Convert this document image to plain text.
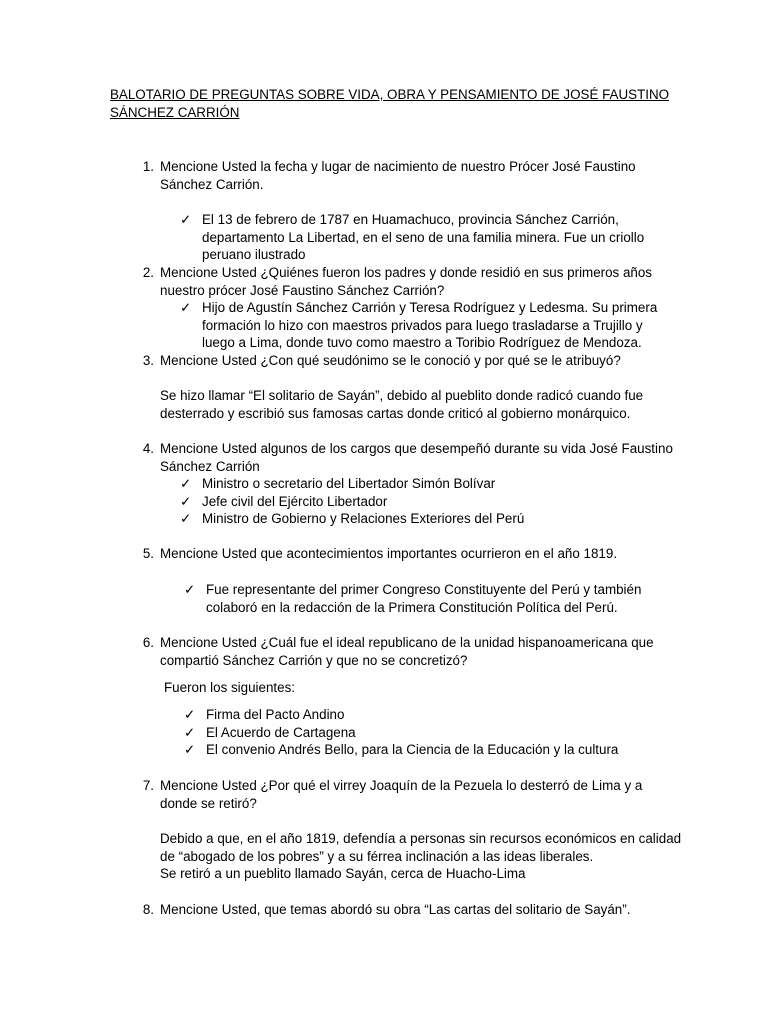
BALOTARIO DE PREGUNTAS SOBRE VIDA, OBRA Y PENSAMIENTO DE JOSÉ FAUSTINO SÁNCHEZ CARRIÓN
1. Mencione Usted la fecha y lugar de nacimiento de nuestro Prócer José Faustino
Sánchez Carrión.
✓ El 13 de febrero de 1787 en Huamachuco, provincia Sánchez Carrión,
departamento La Libertad, en el seno de una familia minera. Fue un criollo
peruano ilustrado
2. Mencione Usted ¿Quiénes fueron los padres y donde residió en sus primeros años
nuestro prócer José Faustino Sánchez Carrión?
✓ Hijo de Agustín Sánchez Carrión y Teresa Rodríguez y Ledesma. Su primera
formación lo hizo con maestros privados para luego trasladarse a Trujillo y
luego a Lima, donde tuvo como maestro a Toribio Rodríguez de Mendoza.
3. Mencione Usted ¿Con qué seudónimo se le conoció y por qué se le atribuyó?
Se hizo llamar “El solitario de Sayán”, debido al pueblito donde radicó cuando fue
desterrado y escribió sus famosas cartas donde criticó al gobierno monárquico.
4. Mencione Usted algunos de los cargos que desempeñó durante su vida José Faustino
Sánchez Carrión
✓ Ministro o secretario del Libertador Simón Bolívar
✓ Jefe civil del Ejército Libertador
✓ Ministro de Gobierno y Relaciones Exteriores del Perú
5. Mencione Usted que acontecimientos importantes ocurrieron en el año 1819.
✓ Fue representante del primer Congreso Constituyente del Perú y también
colaboró en la redacción de la Primera Constitución Política del Perú.
6. Mencione Usted ¿Cuál fue el ideal republicano de la unidad hispanoamericana que
compartió Sánchez Carrión y que no se concretizó?
Fueron los siguientes:
✓ Firma del Pacto Andino
✓ El Acuerdo de Cartagena
✓ El convenio Andrés Bello, para la Ciencia de la Educación y la cultura
7. Mencione Usted ¿Por qué el virrey Joaquín de la Pezuela lo desterró de Lima y a
donde se retiró?
Debido a que, en el año 1819, defendía a personas sin recursos económicos en calidad
de “abogado de los pobres” y a su férrea inclinación a las ideas liberales.
Se retiró a un pueblito llamado Sayán, cerca de Huacho-Lima
8. Mencione Usted, que temas abordó su obra “Las cartas del solitario de Sayán”.
